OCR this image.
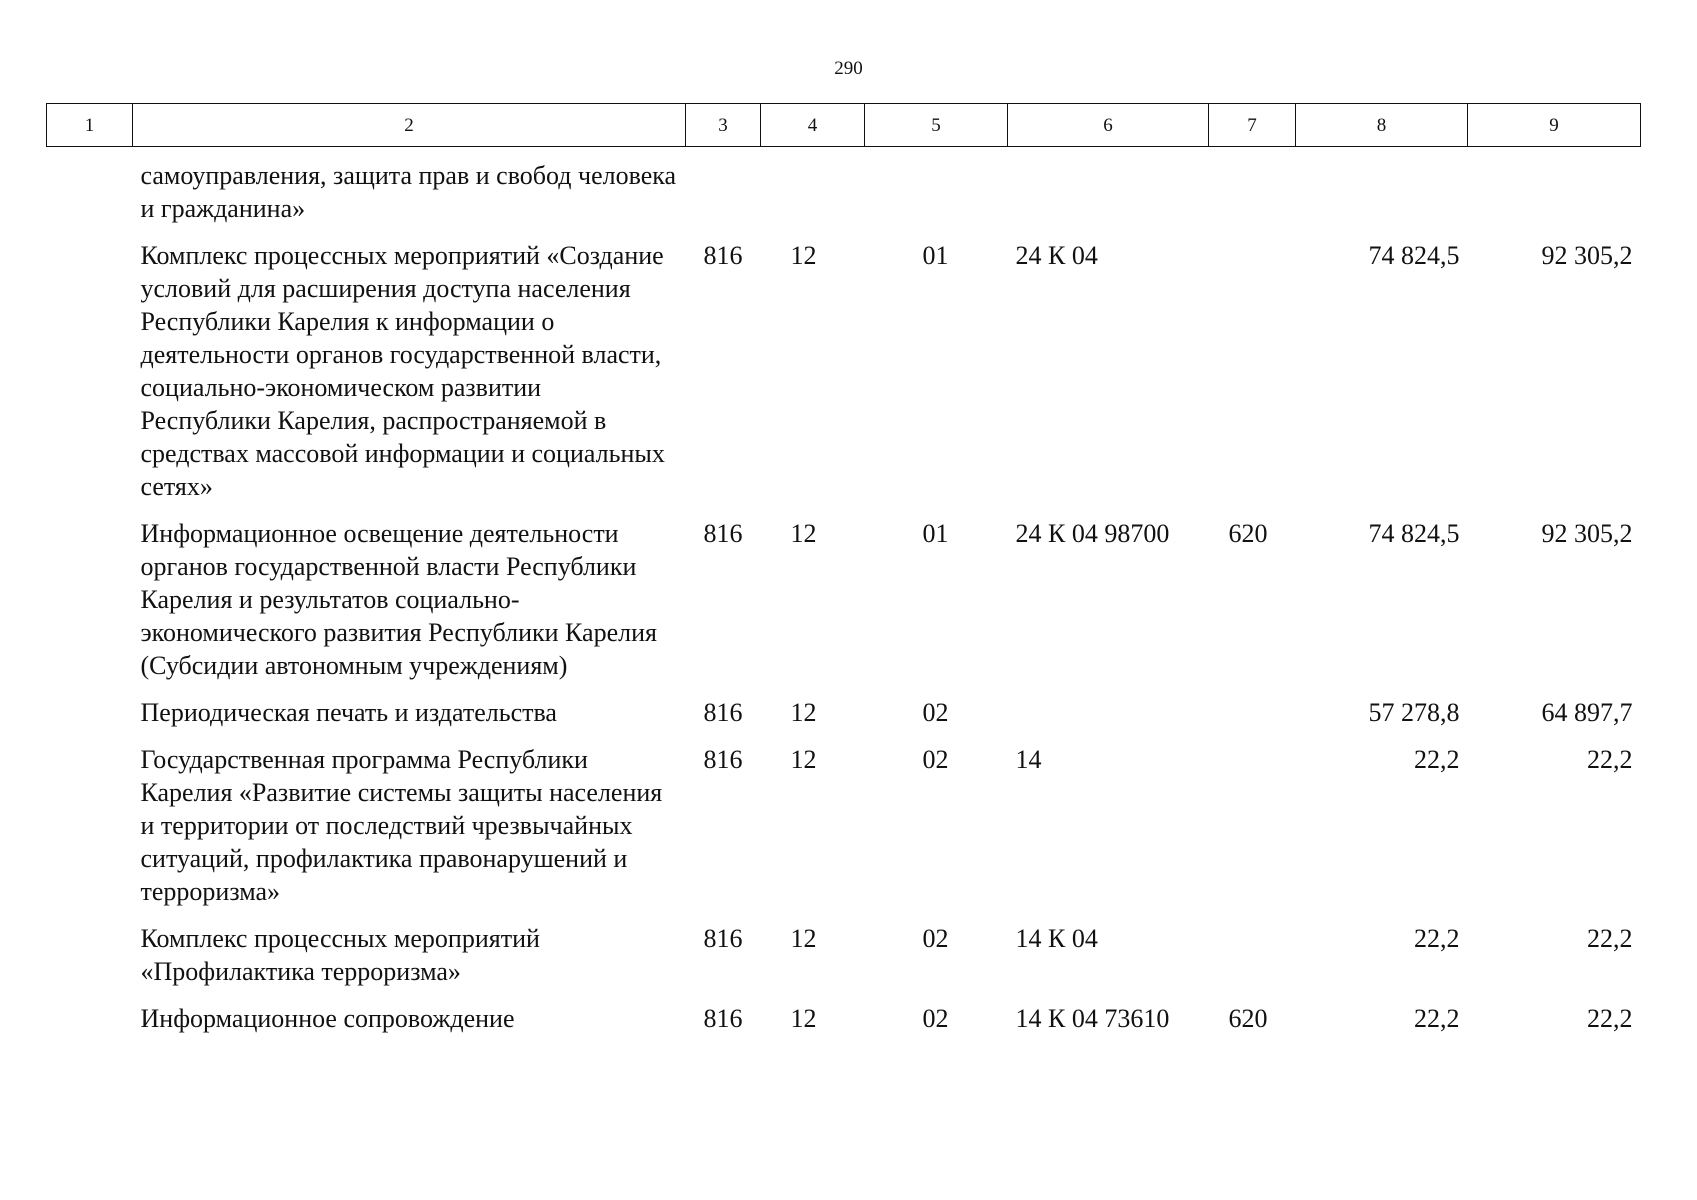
290
1	2	3	4	5	6	7	8	9
	самоуправления, защита прав и свобод человека и гражданина»							
	Комплекс процессных мероприятий «Создание условий для расширения доступа населения Республики Карелия к информации о деятельности органов государственной власти, социально-экономическом развитии Республики Карелия, распространяемой в средствах массовой информации и социальных сетях»	816	12	01	24 К 04		74 824,5	92 305,2
	Информационное освещение деятельности органов государственной власти Республики Карелия и результатов социально-экономического развития Республики Карелия (Субсидии автономным учреждениям)	816	12	01	24 К 04 98700	620	74 824,5	92 305,2
	Периодическая печать и издательства	816	12	02			57 278,8	64 897,7
	Государственная программа Республики Карелия «Развитие системы защиты населения и территории от последствий чрезвычайных ситуаций, профилактика правонарушений и терроризма»	816	12	02	14		22,2	22,2
	Комплекс процессных мероприятий «Профилактика терроризма»	816	12	02	14 К 04		22,2	22,2
	Информационное сопровождение	816	12	02	14 К 04 73610	620	22,2	22,2
